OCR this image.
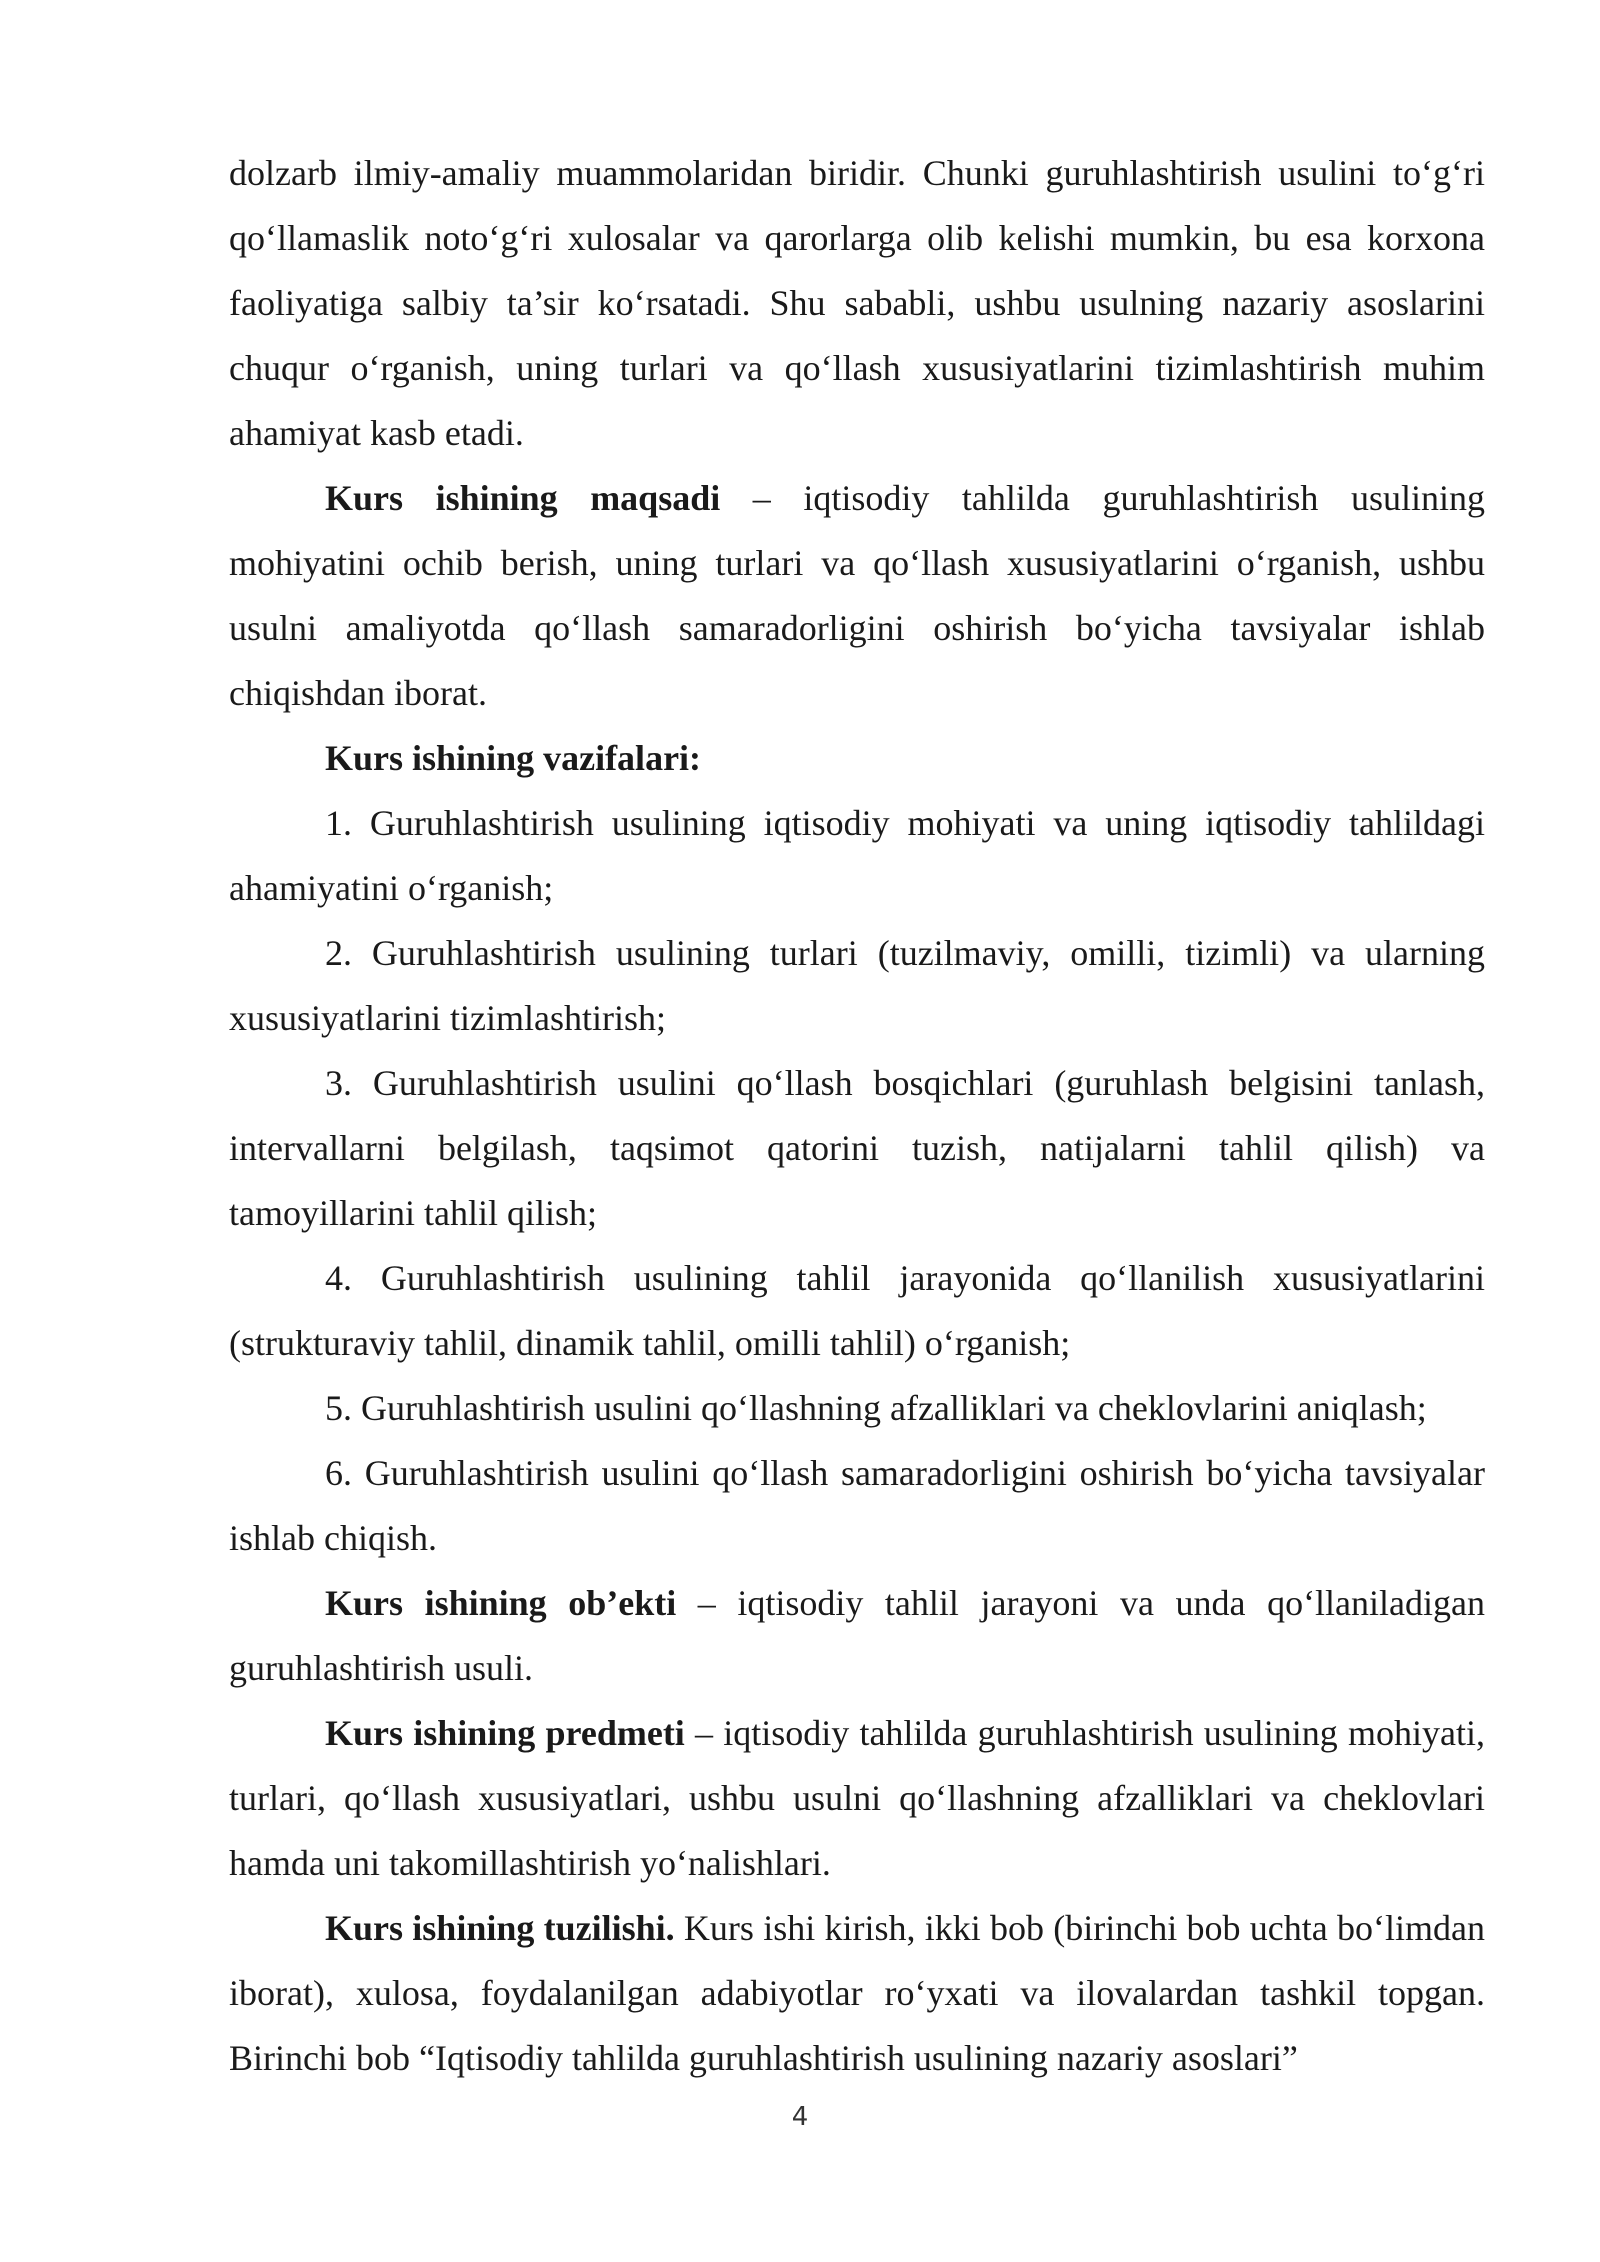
dolzarb ilmiy-amaliy muammolaridan biridir. Chunki guruhlashtirish usulini to‘g‘ri qo‘llamaslik noto‘g‘ri xulosalar va qarorlarga olib kelishi mumkin, bu esa korxona faoliyatiga salbiy ta’sir ko‘rsatadi. Shu sababli, ushbu usulning nazariy asoslarini chuqur o‘rganish, uning turlari va qo‘llash xususiyatlarini tizimlashtirish muhim ahamiyat kasb etadi.

Kurs ishining maqsadi – iqtisodiy tahlilda guruhlashtirish usulining mohiyatini ochib berish, uning turlari va qo‘llash xususiyatlarini o‘rganish, ushbu usulni amaliyotda qo‘llash samaradorligini oshirish bo‘yicha tavsiyalar ishlab chiqishdan iborat.

Kurs ishining vazifalari:

1. Guruhlashtirish usulining iqtisodiy mohiyati va uning iqtisodiy tahlildagi ahamiyatini o‘rganish;

2. Guruhlashtirish usulining turlari (tuzilmaviy, omilli, tizimli) va ularning xususiyatlarini tizimlashtirish;

3. Guruhlashtirish usulini qo‘llash bosqichlari (guruhlash belgisini tanlash, intervallarni belgilash, taqsimot qatorini tuzish, natijalarni tahlil qilish) va tamoyillarini tahlil qilish;

4. Guruhlashtirish usulining tahlil jarayonida qo‘llanilish xususiyatlarini (strukturaviy tahlil, dinamik tahlil, omilli tahlil) o‘rganish;

5. Guruhlashtirish usulini qo‘llashning afzalliklari va cheklovlarini aniqlash;

6. Guruhlashtirish usulini qo‘llash samaradorligini oshirish bo‘yicha tavsiyalar ishlab chiqish.

Kurs ishining ob’ekti – iqtisodiy tahlil jarayoni va unda qo‘llaniladigan guruhlashtirish usuli.

Kurs ishining predmeti – iqtisodiy tahlilda guruhlashtirish usulining mohiyati, turlari, qo‘llash xususiyatlari, ushbu usulni qo‘llashning afzalliklari va cheklovlari hamda uni takomillashtirish yo‘nalishlari.

Kurs ishining tuzilishi. Kurs ishi kirish, ikki bob (birinchi bob uchta bo‘limdan iborat), xulosa, foydalanilgan adabiyotlar ro‘yxati va ilovalardan tashkil topgan. Birinchi bob “Iqtisodiy tahlilda guruhlashtirish usulining nazariy asoslari”

4
